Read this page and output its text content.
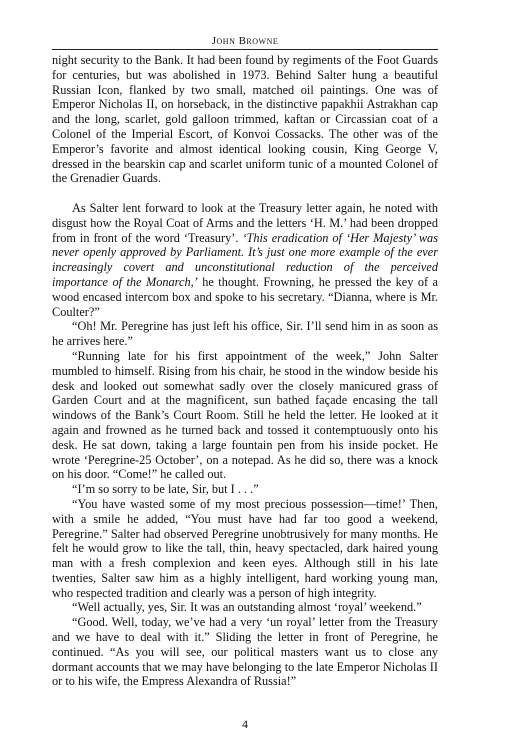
John Browne

night security to the Bank. It had been found by regiments of the Foot Guards for centuries, but was abolished in 1973. Behind Salter hung a beautiful Russian Icon, flanked by two small, matched oil paintings. One was of Emperor Nicholas II, on horseback, in the distinctive papakhii Astrakhan cap and the long, scarlet, gold galloon trimmed, kaftan or Circassian coat of a Colonel of the Imperial Escort, of Konvoi Cossacks. The other was of the Emperor’s favorite and almost identical looking cousin, King George V, dressed in the bearskin cap and scarlet uniform tunic of a mounted Colonel of the Grenadier Guards.

As Salter lent forward to look at the Treasury letter again, he noted with disgust how the Royal Coat of Arms and the letters ‘H. M.’ had been dropped from in front of the word ‘Treasury’. ‘This eradication of ‘Her Majesty’ was never openly approved by Parliament. It’s just one more example of the ever increasingly covert and unconstitutional reduction of the perceived importance of the Monarch,’ he thought. Frowning, he pressed the key of a wood encased intercom box and spoke to his secretary. “Dianna, where is Mr. Coulter?”

“Oh! Mr. Peregrine has just left his office, Sir. I’ll send him in as soon as he arrives here.”

“Running late for his first appointment of the week,” John Salter mumbled to himself. Rising from his chair, he stood in the window beside his desk and looked out somewhat sadly over the closely manicured grass of Garden Court and at the magnificent, sun bathed façade encasing the tall windows of the Bank’s Court Room. Still he held the letter. He looked at it again and frowned as he turned back and tossed it contemptuously onto his desk. He sat down, taking a large fountain pen from his inside pocket. He wrote ‘Peregrine-25 October’, on a notepad. As he did so, there was a knock on his door. “Come!” he called out.

“I’m so sorry to be late, Sir, but I . . .”

“You have wasted some of my most precious possession—time!’ Then, with a smile he added, “You must have had far too good a weekend, Peregrine.” Salter had observed Peregrine unobtrusively for many months. He felt he would grow to like the tall, thin, heavy spectacled, dark haired young man with a fresh complexion and keen eyes. Although still in his late twenties, Salter saw him as a highly intelligent, hard working young man, who respected tradition and clearly was a person of high integrity.

“Well actually, yes, Sir. It was an outstanding almost ‘royal’ weekend.”

“Good. Well, today, we’ve had a very ‘un royal’ letter from the Treasury and we have to deal with it.” Sliding the letter in front of Peregrine, he continued. “As you will see, our political masters want us to close any dormant accounts that we may have belonging to the late Emperor Nicholas II or to his wife, the Empress Alexandra of Russia!”

4
